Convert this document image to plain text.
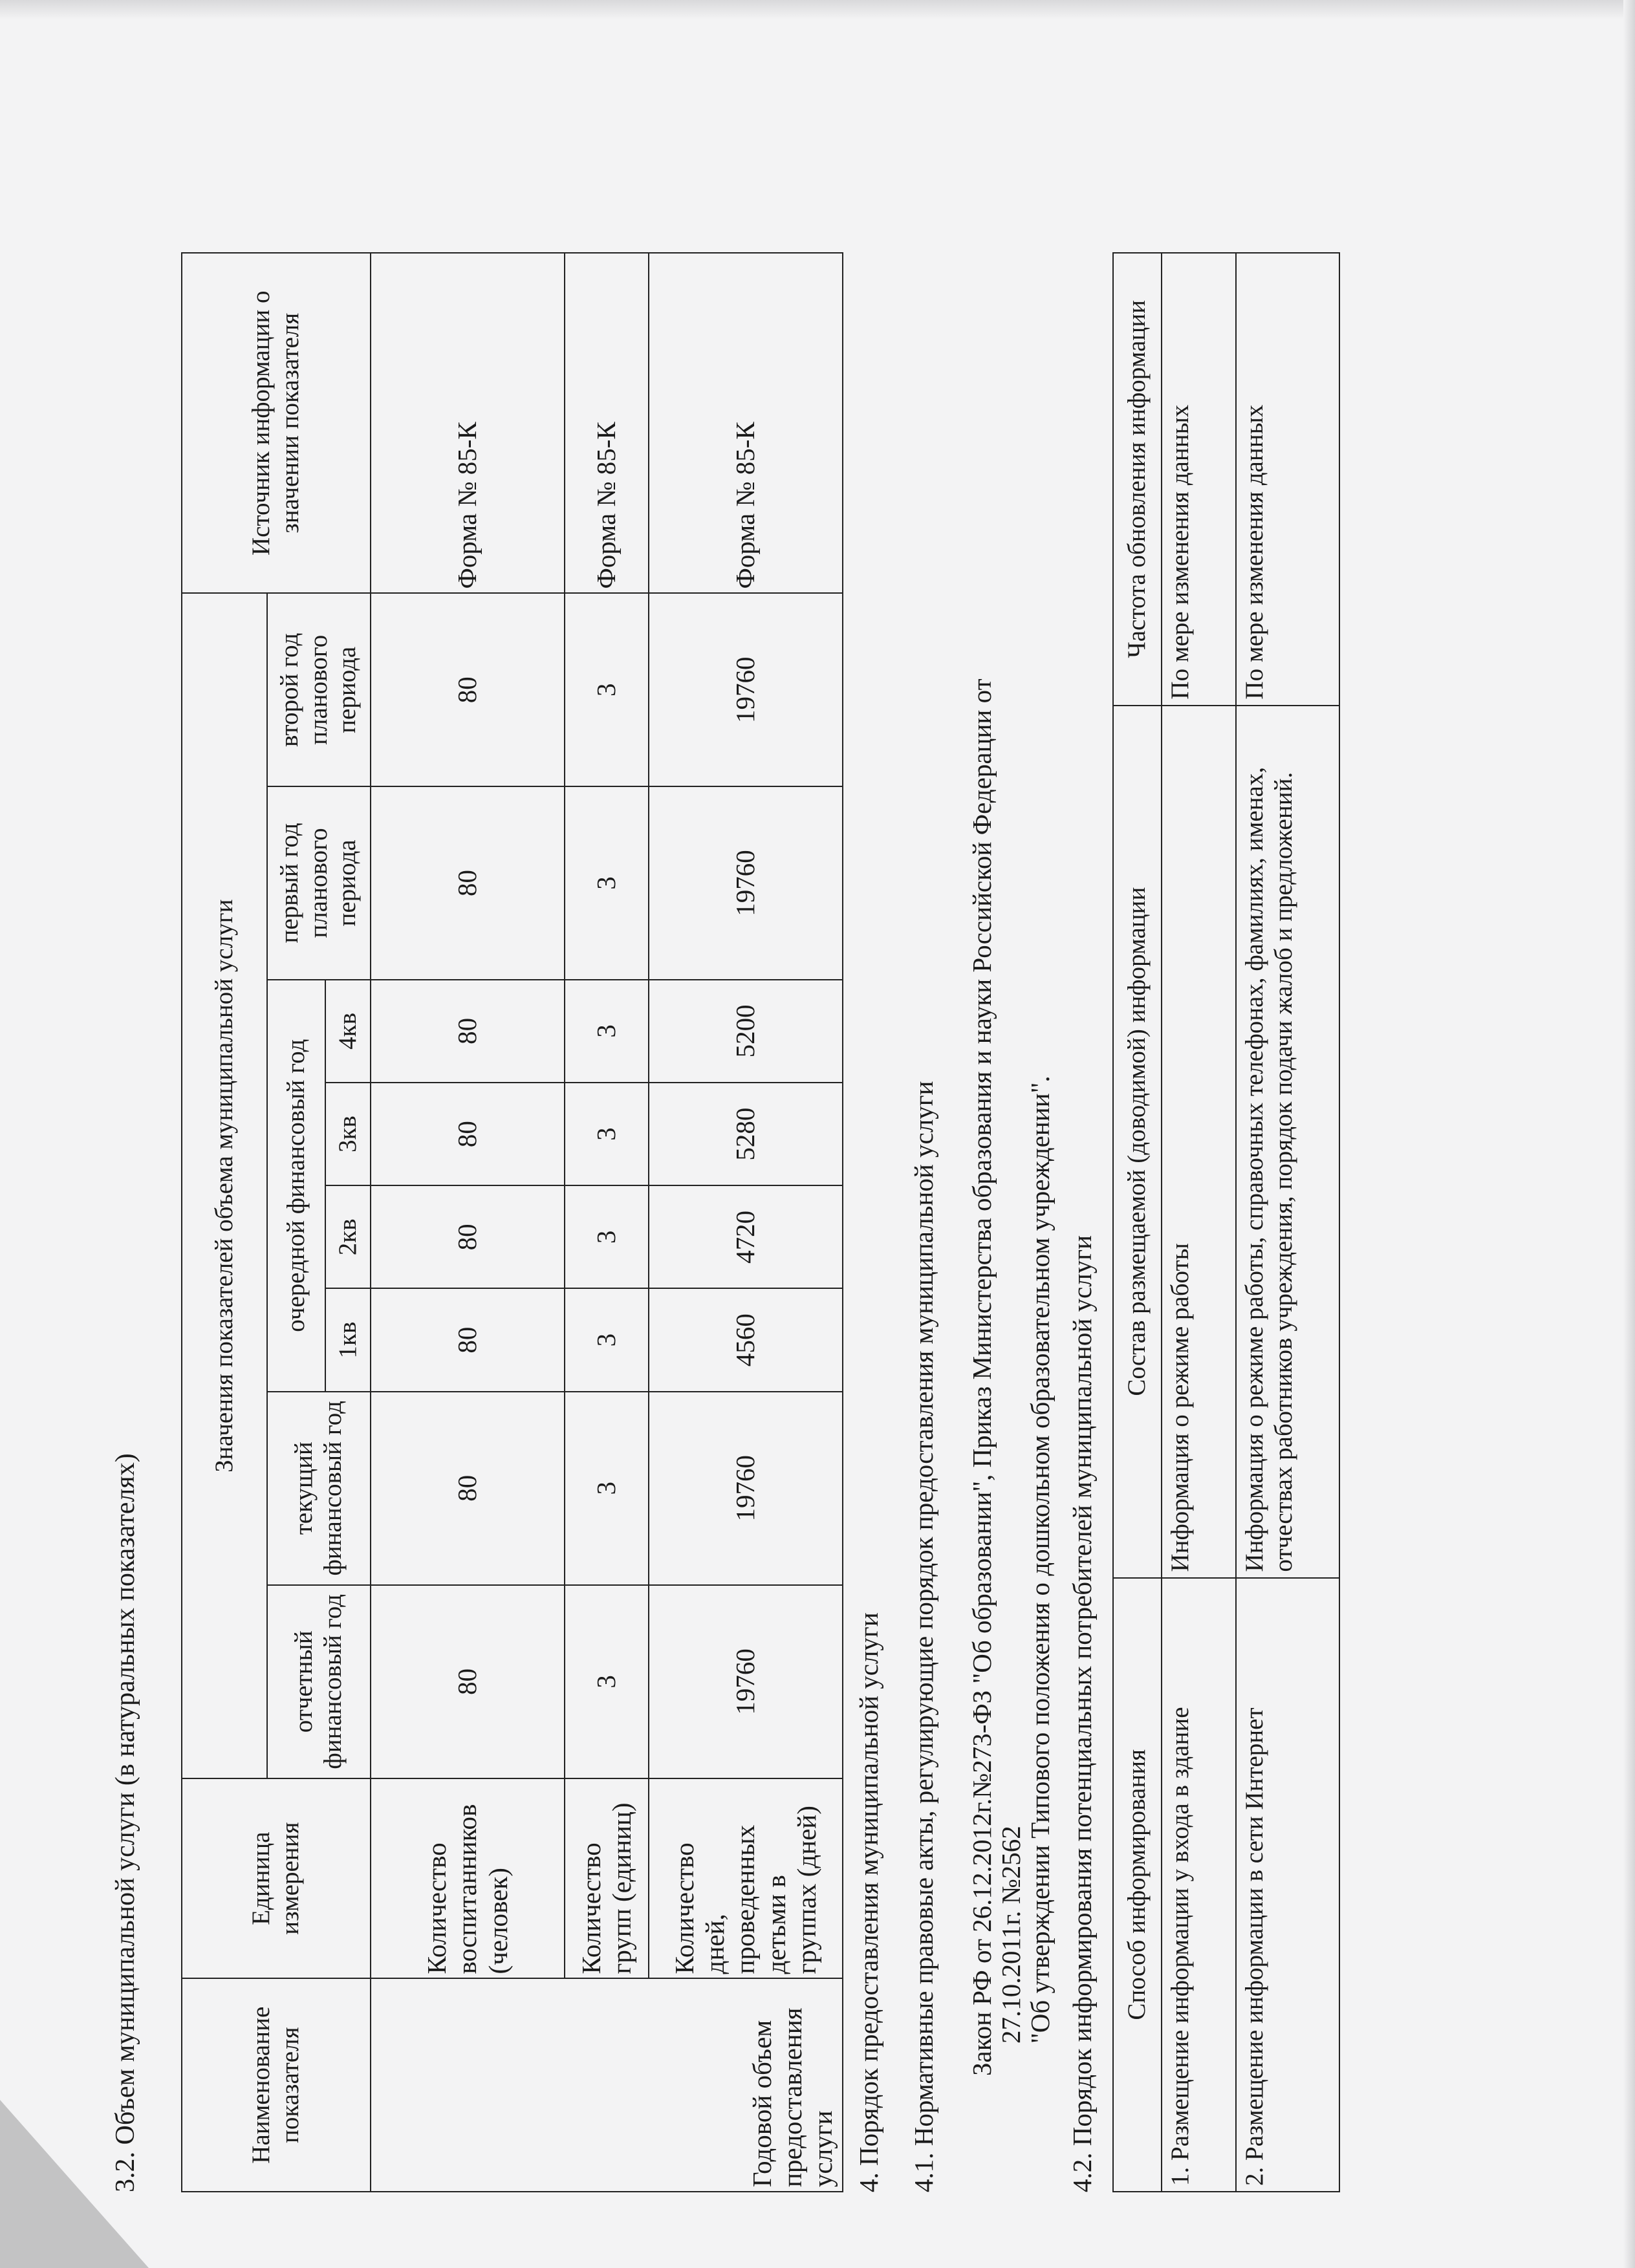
3.2. Объем муниципальной услуги (в натуральных показателях)	Наименование показателя	Единица измерения	Значения показателей объема муниципальной услуги								Источник информации о значении показателя
		отчетный финансовый год	текущий финансовый год	очередной финансовый год				первый год планового периода	второй год планового периода	
				1кв	2кв	3кв	4кв			
Годовой объем предоставления услуги	Количество воспитанников (человек)	80	80	80	80	80	80	80	80	Форма № 85-К
	Количество групп (единиц)	3	3	3	3	3	3	3	3	Форма № 85-К
	Количество дней, проведенных детьми в группах (дней)	19760	19760	4560	4720	5280	5200	19760	19760	Форма № 85-К
4. Порядок предоставления муниципальной услуги 4.1. Нормативные правовые акты, регулирующие порядок предоставления муниципальной услуги Закон РФ от 26.12.2012г.№273-ФЗ "Об образовании", Приказ Министерства образования и науки Российской Федерации от 27.10.2011г. №2562 "Об утверждении Типового положения о дошкольном образовательном учреждении". 4.2. Порядок информирования потенциальных потребителей муниципальной услуги Способ информирования	Состав размещаемой (доводимой) информации	Частота обновления информации
1. Размещение информации у входа в здание	Информация о режиме работы	По мере изменения данных
2. Размещение информации в сети Интернет	Информация о режиме работы, справочных телефонах, фамилиях, именах, отчествах работников учреждения, порядок подачи жалоб и предложений.	По мере изменения данных
